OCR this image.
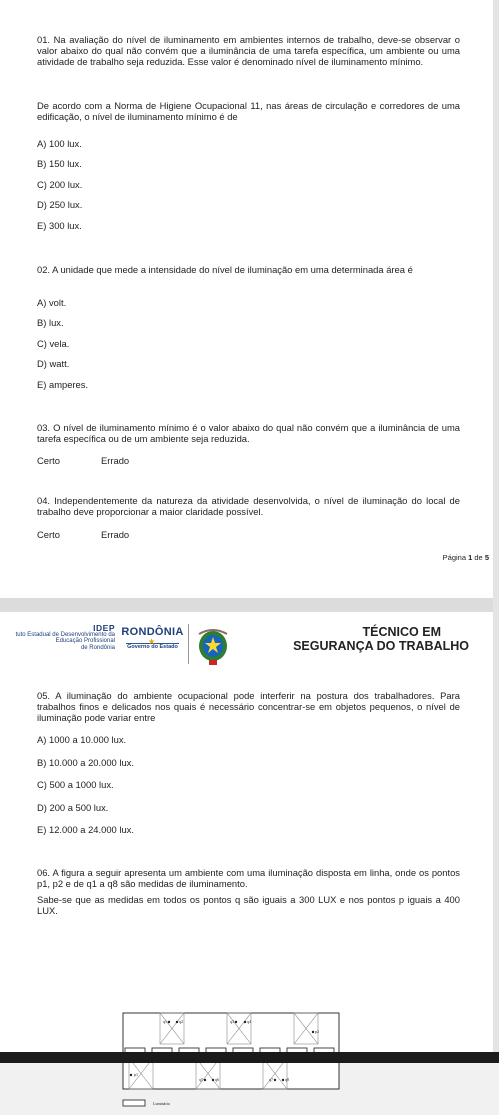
01. Na avaliação do nível de iluminamento em ambientes internos de trabalho, deve-se observar o valor abaixo do qual não convém que a iluminância de uma tarefa específica, um ambiente ou uma atividade de trabalho seja reduzida. Esse valor é denominado nível de iluminamento mínimo.

De acordo com a Norma de Higiene Ocupacional 11, nas áreas de circulação e corredores de uma edificação, o nível de iluminamento mínimo é de

A) 100 lux.
B) 150 lux.
C) 200 lux.
D) 250 lux.
E) 300 lux.

02. A unidade que mede a intensidade do nível de iluminação em uma determinada área é

A) volt.
B) lux.
C) vela.
D) watt.
E) amperes.

03. O nível de iluminamento mínimo é o valor abaixo do qual não convém que a iluminância de uma tarefa específica ou de um ambiente seja reduzida.

Certo	Errado

04. Independentemente da natureza da atividade desenvolvida, o nível de iluminação do local de trabalho deve proporcionar a maior claridade possível.

Certo	Errado
Página 1 de 5
IDEP
tuto Estadual de Desenvolvimento da
Educação Profissional
de Rondônia
RONDÔNIA
★
Governo do Estado
TÉCNICO EM
SEGURANÇA DO TRABALHO

05. A iluminação do ambiente ocupacional pode interferir na postura dos trabalhadores. Para trabalhos finos e delicados nos quais é necessário concentrar-se em objetos pequenos, o nível de iluminação pode variar entre

A) 1000 a 10.000 lux.
B) 10.000 a 20.000 lux.
C) 500 a 1000 lux.
D) 200 a 500 lux.
E) 12.000 a 24.000 lux.

06. A figura a seguir apresenta um ambiente com uma iluminação disposta em linha, onde os pontos p1, p2 e de q1 a q8 são medidas de iluminamento.

Sabe-se que as medidas em todos os pontos q são iguais a 300 LUX e nos pontos p iguais a 400 LUX.

q1	q2	q3	q4
q5	q6	q7	q8
p1
p2
Luminária
